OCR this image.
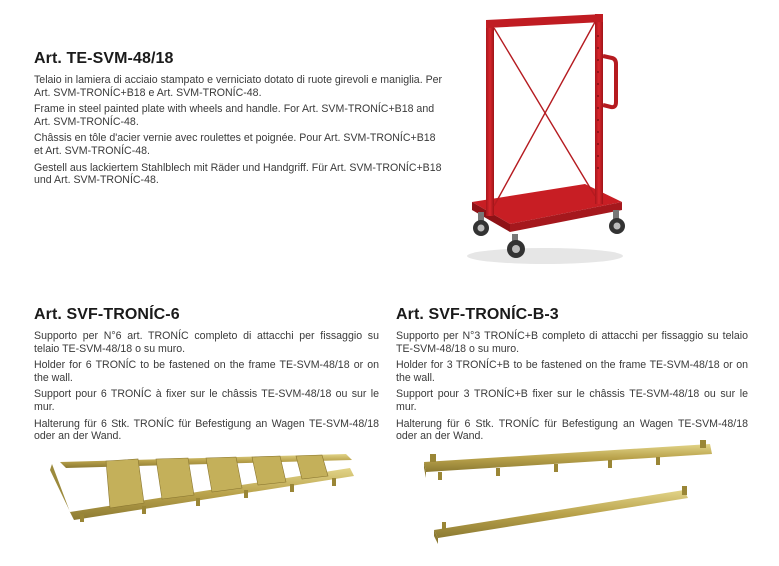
Art. TE-SVM-48/18

Telaio in lamiera di acciaio stampato e verniciato dotato di ruote girevoli e maniglia. Per Art. SVM-TRONÍC+B18 e Art. SVM-TRONÍC-48.

Frame in steel painted plate with wheels and handle. For Art. SVM-TRONÍC+B18 and Art. SVM-TRONÍC-48.

Châssis en tôle d'acier vernie avec roulettes et poignée. Pour Art. SVM-TRONÍC+B18 et Art. SVM-TRONÍC-48.

Gestell aus lackiertem Stahlblech mit Räder und Handgriff. Für Art. SVM-TRONÍC+B18 und Art. SVM-TRONÍC-48.

Art. SVF-TRONÍC-6

Supporto per N°6 art. TRONÍC completo di attacchi per fissaggio su telaio TE-SVM-48/18 o su muro.

Holder for 6 TRONÍC to be fastened on the frame TE-SVM-48/18 or on the wall.

Support pour 6 TRONÍC à fixer sur le châssis TE-SVM-48/18 ou sur le mur.

Halterung für 6 Stk. TRONÍC für Befestigung an Wagen TE-SVM-48/18 oder an der Wand.

Art. SVF-TRONÍC-B-3

Supporto per N°3 TRONÍC+B completo di attacchi per fissaggio su telaio TE-SVM-48/18 o su muro.

Holder for 3 TRONÍC+B to be fastened on the frame TE-SVM-48/18 or on the wall.

Support pour 3 TRONÍC+B fixer sur le châssis TE-SVM-48/18 ou sur le mur.

Halterung für 6 Stk. TRONÍC für Befestigung an Wagen TE-SVM-48/18 oder an der Wand.
